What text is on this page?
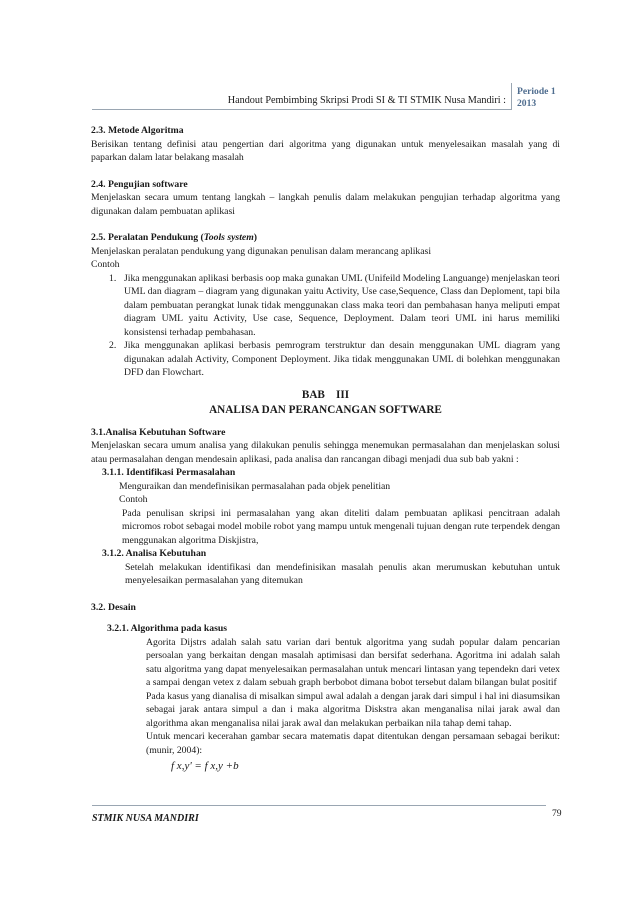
Handout Pembimbing Skripsi Prodi SI & TI STMIK Nusa Mandiri :
Periode 1
2013

2.3. Metode Algoritma

Berisikan tentang definisi atau pengertian dari algoritma yang digunakan untuk menyelesaikan masalah yang di paparkan dalam latar belakang masalah

2.4. Pengujian software

Menjelaskan secara umum tentang langkah – langkah penulis dalam melakukan pengujian terhadap algoritma yang digunakan dalam pembuatan aplikasi

2.5. Peralatan Pendukung (Tools system)

Menjelaskan peralatan pendukung yang digunakan penulisan dalam merancang aplikasi

Contoh

1. Jika menggunakan aplikasi berbasis oop maka gunakan UML (Unifeild Modeling Languange) menjelaskan teori UML dan diagram – diagram yang digunakan yaitu Activity, Use case,Sequence, Class dan Deploment, tapi bila dalam pembuatan perangkat lunak tidak menggunakan class maka teori dan pembahasan hanya meliputi empat diagram UML yaitu Activity, Use case, Sequence, Deployment. Dalam teori UML ini harus memiliki konsistensi terhadap pembahasan.
2. Jika menggunakan aplikasi berbasis pemrogram terstruktur dan desain menggunakan UML diagram yang digunakan adalah Activity, Component Deployment. Jika tidak menggunakan UML di bolehkan menggunakan DFD dan Flowchart.

BAB    III

ANALISA DAN PERANCANGAN SOFTWARE

3.1.Analisa Kebutuhan Software

Menjelaskan secara umum analisa yang dilakukan penulis sehingga menemukan permasalahan dan menjelaskan solusi atau permasalahan dengan mendesain aplikasi, pada analisa dan rancangan dibagi menjadi dua sub bab yakni :

3.1.1. Identifikasi Permasalahan

Menguraikan dan mendefinisikan permasalahan pada objek penelitian

Contoh

Pada penulisan skripsi ini permasalahan yang akan diteliti dalam pembuatan aplikasi pencitraan adalah micromos robot sebagai model mobile robot yang mampu untuk mengenali tujuan dengan rute terpendek dengan menggunakan algoritma Diskjistra,

3.1.2. Analisa Kebutuhan

Setelah melakukan identifikasi dan mendefinisikan masalah penulis akan merumuskan kebutuhan untuk menyelesaikan permasalahan yang ditemukan

3.2. Desain

3.2.1. Algorithma pada kasus

Agorita Dijstrs adalah salah satu varian dari bentuk algoritma yang sudah popular dalam pencarian persoalan yang berkaitan dengan masalah aptimisasi dan bersifat sederhana. Agoritma ini adalah salah satu algoritma yang dapat menyelesaikan permasalahan untuk mencari lintasan yang tependekn dari vetex a sampai dengan vetex z dalam sebuah graph berbobot dimana bobot tersebut dalam bilangan bulat positif

Pada kasus yang dianalisa di misalkan simpul awal adalah a dengan jarak dari simpul i hal ini diasumsikan sebagai jarak antara simpul a dan i maka algoritma Diskstra akan menganalisa nilai jarak awal dan algorithma akan menganalisa nilai jarak awal dan melakukan perbaikan nila tahap demi tahap.

Untuk mencari kecerahan gambar secara matematis dapat ditentukan dengan persamaan sebagai berikut: (munir, 2004):

f x,y' = f x,y +b

STMIK NUSA MANDIRI	79
